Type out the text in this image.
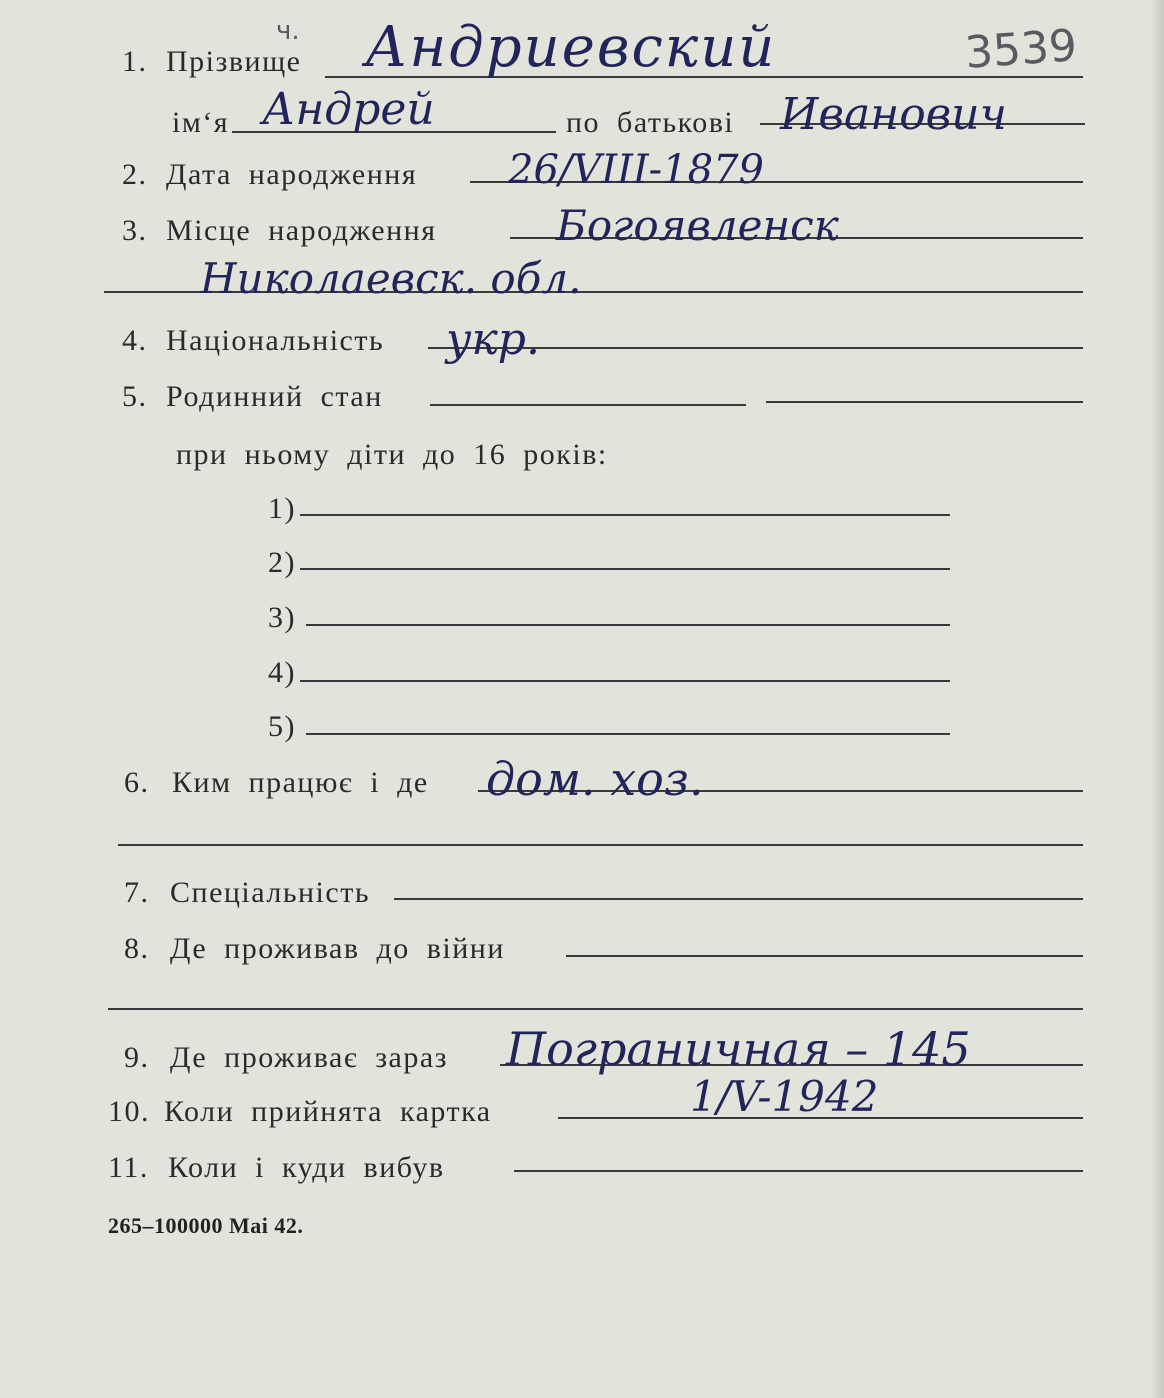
1. Прізвище
ч. Андриевский	3539
ім‘я Андрей	по батькові Иванович
2. Дата народження 26/VIII-1879
3. Місце народження	Богоявленск
Николаевск. обл.
4. Національність укр.
5. Родинний стан
при ньому діти до 16 років:
1)
2)
3)
4)
5)
6. Ким працює і де дом. хоз.
7. Спеціальність
8. Де проживав до війни
9. Де проживає зараз Пограничная – 145
10. Коли прийнята картка	1/V-1942
11. Коли і куди вибув
265–100000 Mai 42.
